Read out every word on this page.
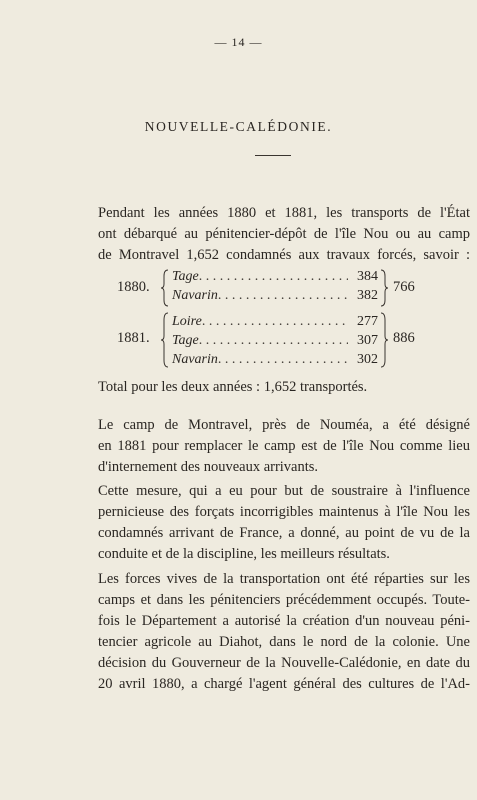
— 14 —
NOUVELLE-CALÉDONIE.
Pendant les années 1880 et 1881, les transports de l'État
ont débarqué au pénitencier-dépôt de l'île Nou ou au camp
de Montravel 1,652 condamnés aux travaux forcés, savoir :
1880.
Tage . . .	384
Navarin . . .	382
766
1881.
Loire . . .	277
Tage . . .	307
Navarin . . .	302
886
Total pour les deux années : 1,652 transportés.
Le camp de Montravel, près de Nouméa, a été désigné
en 1881 pour remplacer le camp est de l'île Nou comme lieu
d'internement des nouveaux arrivants.
Cette mesure, qui a eu pour but de soustraire à l'influence
pernicieuse des forçats incorrigibles maintenus à l'île Nou les
condamnés arrivant de France, a donné, au point de vu de la
conduite et de la discipline, les meilleurs résultats.
Les forces vives de la transportation ont été réparties sur les
camps et dans les pénitenciers précédemment occupés. Toute-
fois le Département a autorisé la création d'un nouveau péni-
tencier agricole au Diahot, dans le nord de la colonie. Une
décision du Gouverneur de la Nouvelle-Calédonie, en date du
20 avril 1880, a chargé l'agent général des cultures de l'Ad-
